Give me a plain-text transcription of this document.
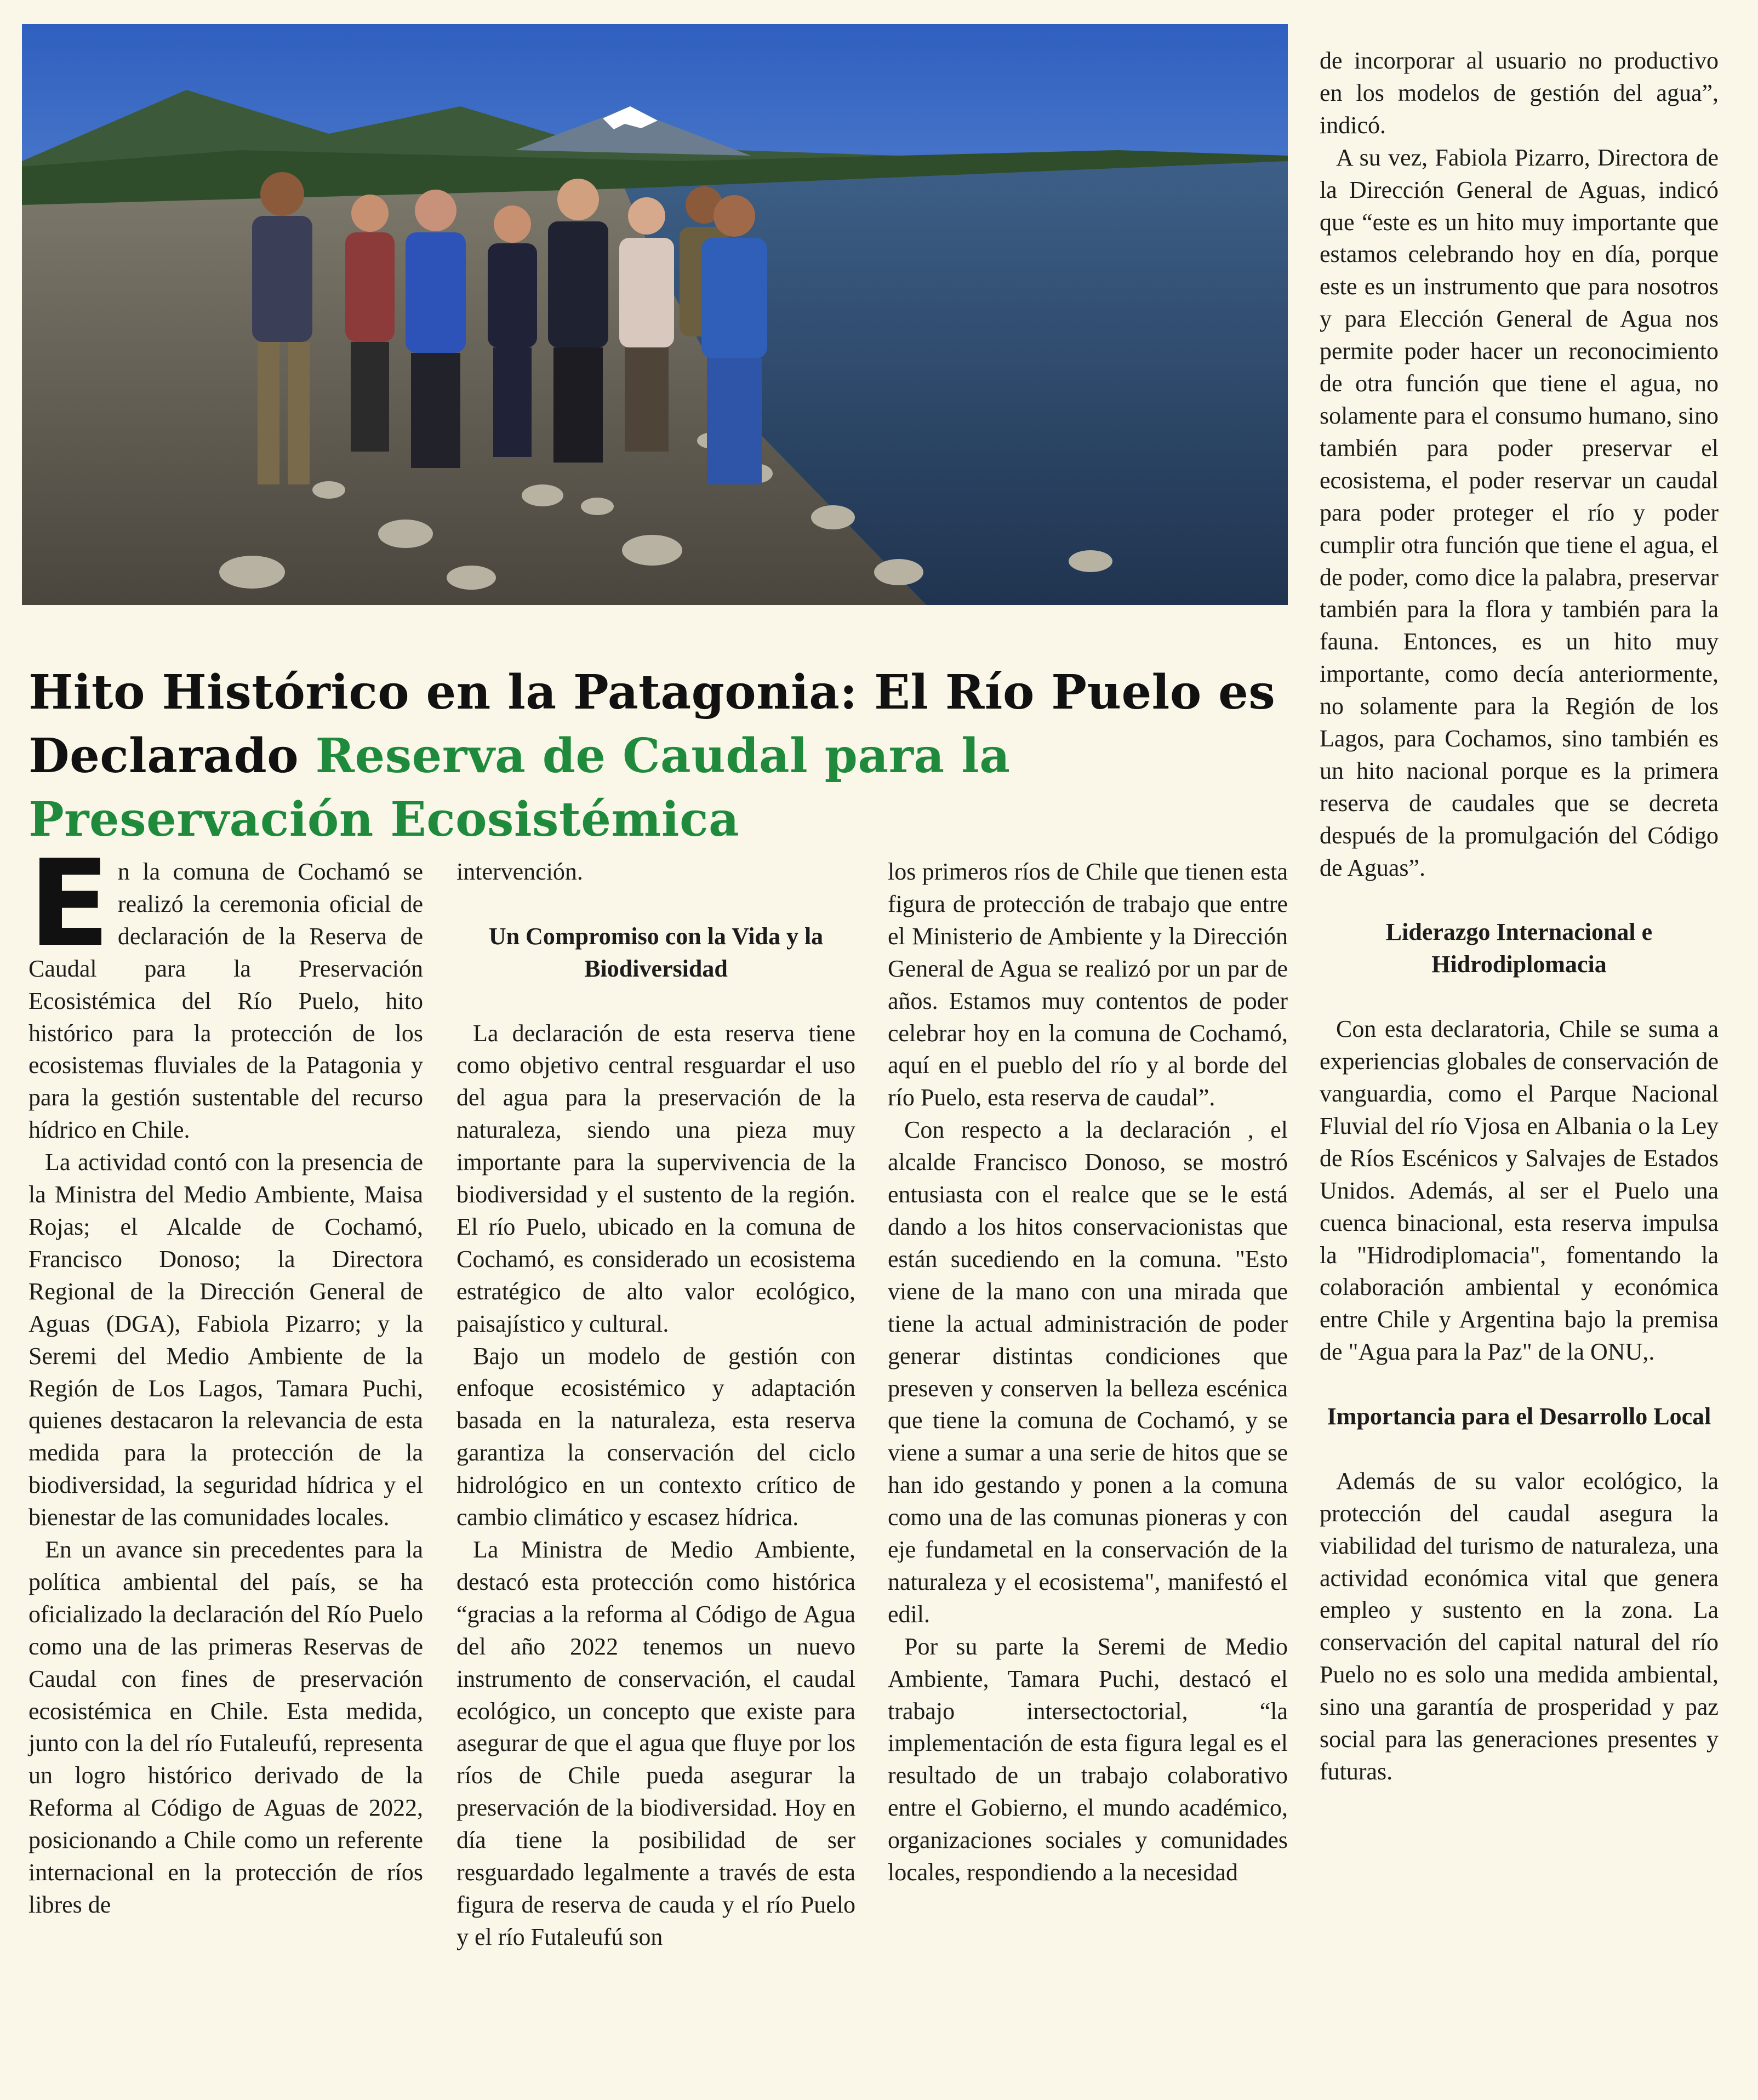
Hito Histórico en la Patagonia: El Río Puelo es Declarado Reserva de Caudal para la Preservación Ecosistémica
E n la comuna de Cochamó se realizó la ceremonia oficial de declaración de la Reserva de Caudal para la Preservación Ecosistémica del Río Puelo, hito histórico para la protección de los ecosistemas fluviales de la Patagonia y para la gestión sustentable del recurso hídrico en Chile.

La actividad contó con la presencia de la Ministra del Medio Ambiente, Maisa Rojas; el Alcalde de Cochamó, Francisco Donoso; la Directora Regional de la Dirección General de Aguas (DGA), Fabiola Pizarro; y la Seremi del Medio Ambiente de la Región de Los Lagos, Tamara Puchi, quienes destacaron la relevancia de esta medida para la protección de la biodiversidad, la seguridad hídrica y el bienestar de las comunidades locales.

En un avance sin precedentes para la política ambiental del país, se ha oficializado la declaración del Río Puelo como una de las primeras Reservas de Caudal con fines de preservación ecosistémica en Chile. Esta medida, junto con la del río Futaleufú, representa un logro histórico derivado de la Reforma al Código de Aguas de 2022, posicionando a Chile como un referente internacional en la protección de ríos libres de

intervención.

Un Compromiso con la Vida y la Biodiversidad

La declaración de esta reserva tiene como objetivo central resguardar el uso del agua para la preservación de la naturaleza, siendo una pieza muy importante para la supervivencia de la biodiversidad y el sustento de la región. El río Puelo, ubicado en la comuna de Cochamó, es considerado un ecosistema estratégico de alto valor ecológico, paisajístico y cultural.

Bajo un modelo de gestión con enfoque ecosistémico y adaptación basada en la naturaleza, esta reserva garantiza la conservación del ciclo hidrológico en un contexto crítico de cambio climático y escasez hídrica.

La Ministra de Medio Ambiente, destacó esta protección como histórica “gracias a la reforma al Código de Agua del año 2022 tenemos un nuevo instrumento de conservación, el caudal ecológico, un concepto que existe para asegurar de que el agua que fluye por los ríos de Chile pueda asegurar la preservación de la biodiversidad. Hoy en día tiene la posibilidad de ser resguardado legalmente a través de esta figura de reserva de cauda y el río Puelo y el río Futaleufú son

los primeros ríos de Chile que tienen esta figura de protección de trabajo que entre el Ministerio de Ambiente y la Dirección General de Agua se realizó por un par de años. Estamos muy contentos de poder celebrar hoy en la comuna de Cochamó, aquí en el pueblo del río y al borde del río Puelo, esta reserva de caudal”.

Con respecto a la declaración , el alcalde Francisco Donoso, se mostró entusiasta con el realce que se le está dando a los hitos conservacionistas que están sucediendo en la comuna. "Esto viene de la mano con una mirada que tiene la actual administración de poder generar distintas condiciones que preseven y conserven la belleza escénica que tiene la comuna de Cochamó, y se viene a sumar a una serie de hitos que se han ido gestando y ponen a la comuna como una de las comunas pioneras y con eje fundametal en la conservación de la naturaleza y el ecosistema", manifestó el edil.

Por su parte la Seremi de Medio Ambiente, Tamara Puchi, destacó el trabajo intersectoctorial, “la implementación de esta figura legal es el resultado de un trabajo colaborativo entre el Gobierno, el mundo académico, organizaciones sociales y comunidades locales, respondiendo a la necesidad

de incorporar al usuario no productivo en los modelos de gestión del agua”, indicó.

A su vez, Fabiola Pizarro, Directora de la Dirección General de Aguas, indicó que “este es un hito muy importante que estamos celebrando hoy en día, porque este es un instrumento que para nosotros y para Elección General de Agua nos permite poder hacer un reconocimiento de otra función que tiene el agua, no solamente para el consumo humano, sino también para poder preservar el ecosistema, el poder reservar un caudal para poder proteger el río y poder cumplir otra función que tiene el agua, el de poder, como dice la palabra, preservar también para la flora y también para la fauna. Entonces, es un hito muy importante, como decía anteriormente, no solamente para la Región de los Lagos, para Cochamos, sino también es un hito nacional porque es la primera reserva de caudales que se decreta después de la promulgación del Código de Aguas”.

Liderazgo Internacional e Hidrodiplomacia

Con esta declaratoria, Chile se suma a experiencias globales de conservación de vanguardia, como el Parque Nacional Fluvial del río Vjosa en Albania o la Ley de Ríos Escénicos y Salvajes de Estados Unidos. Además, al ser el Puelo una cuenca binacional, esta reserva impulsa la "Hidrodiplomacia", fomentando la colaboración ambiental y económica entre Chile y Argentina bajo la premisa de "Agua para la Paz" de la ONU,.

Importancia para el Desarrollo Local

Además de su valor ecológico, la protección del caudal asegura la viabilidad del turismo de naturaleza, una actividad económica vital que genera empleo y sustento en la zona. La conservación del capital natural del río Puelo no es solo una medida ambiental, sino una garantía de prosperidad y paz social para las generaciones presentes y futuras.
